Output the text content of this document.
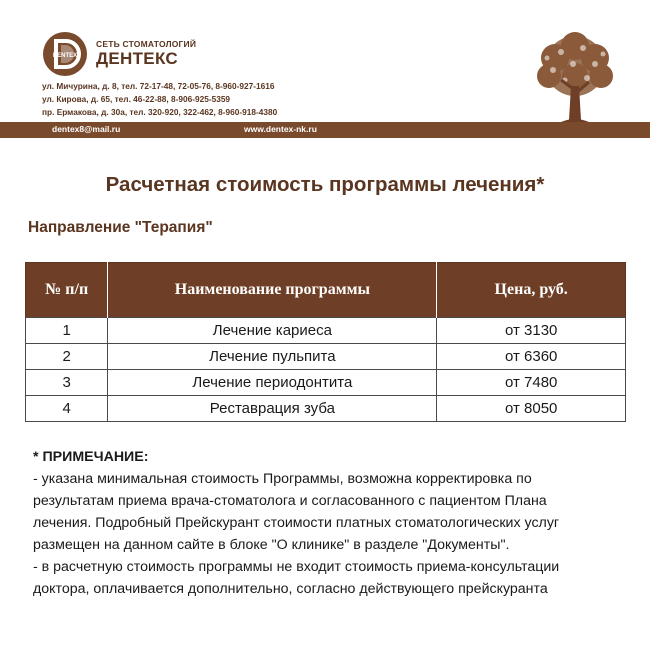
DENTEX
СЕТЬ СТОМАТОЛОГИЙ
ДЕНТЕКС
ул. Мичурина, д. 8, тел. 72-17-48, 72-05-76, 8-960-927-1616
ул. Кирова, д. 65, тел. 46-22-88, 8-906-925-5359
пр. Ермакова, д. 30а, тел. 320-920, 322-462, 8-960-918-4380
dentex8@mail.ru	www.dentex-nk.ru
Расчетная стоимость программы лечения*
Направление "Терапия"
№ п/п	Наименование программы	Цена, руб.
1	Лечение кариеса	от 3130
2	Лечение пульпита	от 6360
3	Лечение периодонтита	от 7480
4	Реставрация зуба	от 8050
* ПРИМЕЧАНИЕ:
- указана минимальная стоимость Программы, возможна корректировка по
результатам приема врача-стоматолога и согласованного с пациентом Плана
лечения. Подробный Прейскурант стоимости платных стоматологических услуг
размещен на данном сайте в блоке "О клинике" в разделе "Документы".
- в расчетную стоимость программы не входит стоимость приема-консультации
доктора, оплачивается дополнительно, согласно действующего прейскуранта
